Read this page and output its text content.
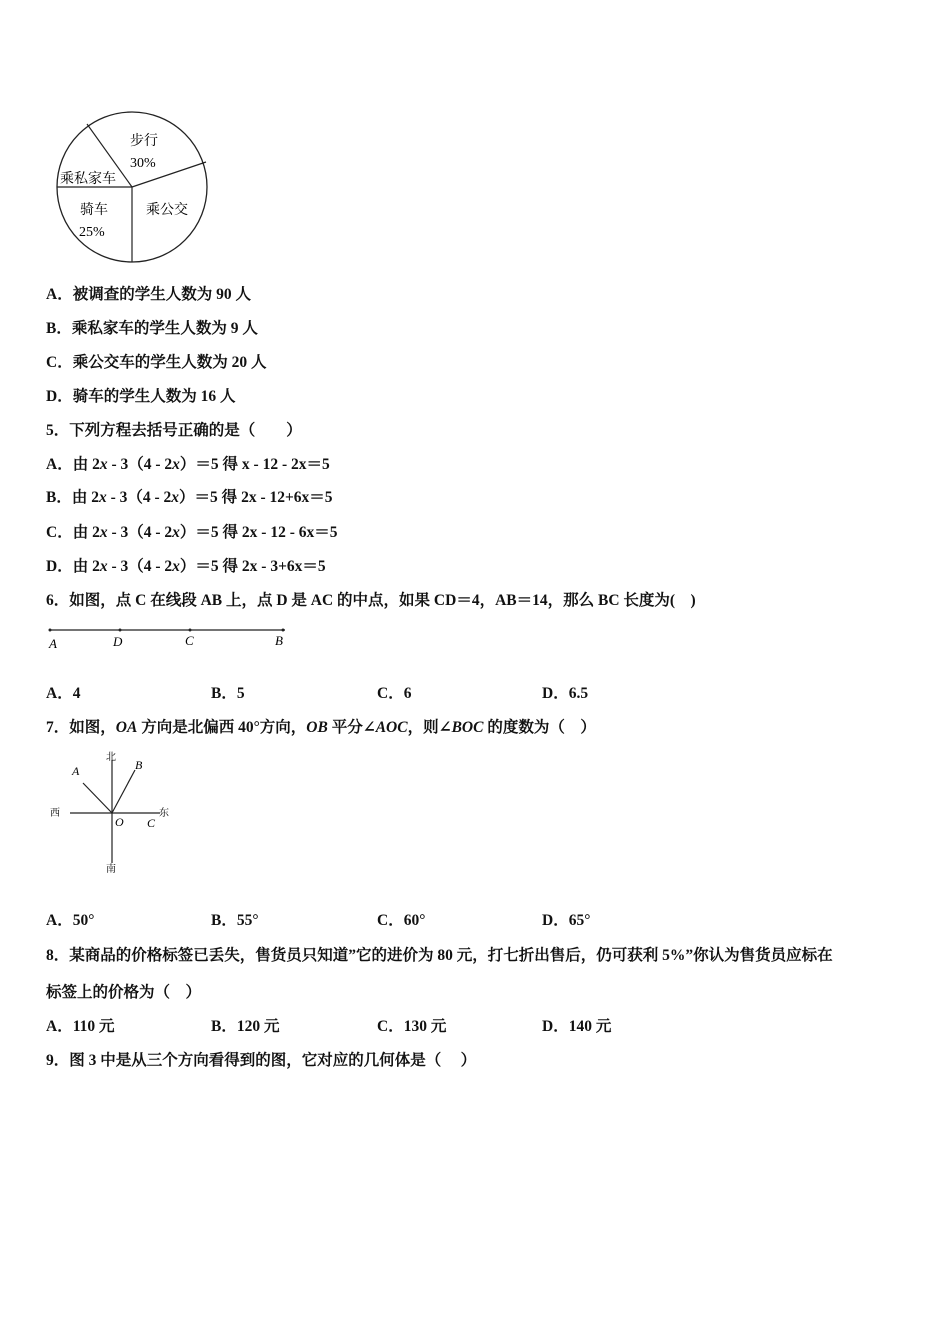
步行
30%
乘公交
骑车
25%
乘私家车
A．被调查的学生人数为 90 人
B．乘私家车的学生人数为 9 人
C．乘公交车的学生人数为 20 人
D．骑车的学生人数为 16 人
5．下列方程去括号正确的是（　　）
A．由 2x - 3（4 - 2x）＝5 得 x - 12 - 2x＝5
B．由 2x - 3（4 - 2x）＝5 得 2x - 12+6x＝5
C．由 2x - 3（4 - 2x）＝5 得 2x - 12 - 6x＝5
D．由 2x - 3（4 - 2x）＝5 得 2x - 3+6x＝5
6．如图，点 C 在线段 AB 上，点 D 是 AC 的中点，如果 CD＝4，AB＝14，那么 BC 长度为(　)
A	D	C	B
A．4	B．5	C．6	D．6.5
7．如图，OA 方向是北偏西 40°方向，OB 平分∠AOC，则∠BOC 的度数为（　）
北
南
西	东
A	B
O C
A．50°	B．55°	C．60°	D．65°
8．某商品的价格标签已丢失，售货员只知道”它的进价为 80 元，打七折出售后，仍可获利 5%”你认为售货员应标在
标签上的价格为（　）
A．110 元	B．120 元	C．130 元	D．140 元
9．图 3 中是从三个方向看得到的图，它对应的几何体是（　 ）
